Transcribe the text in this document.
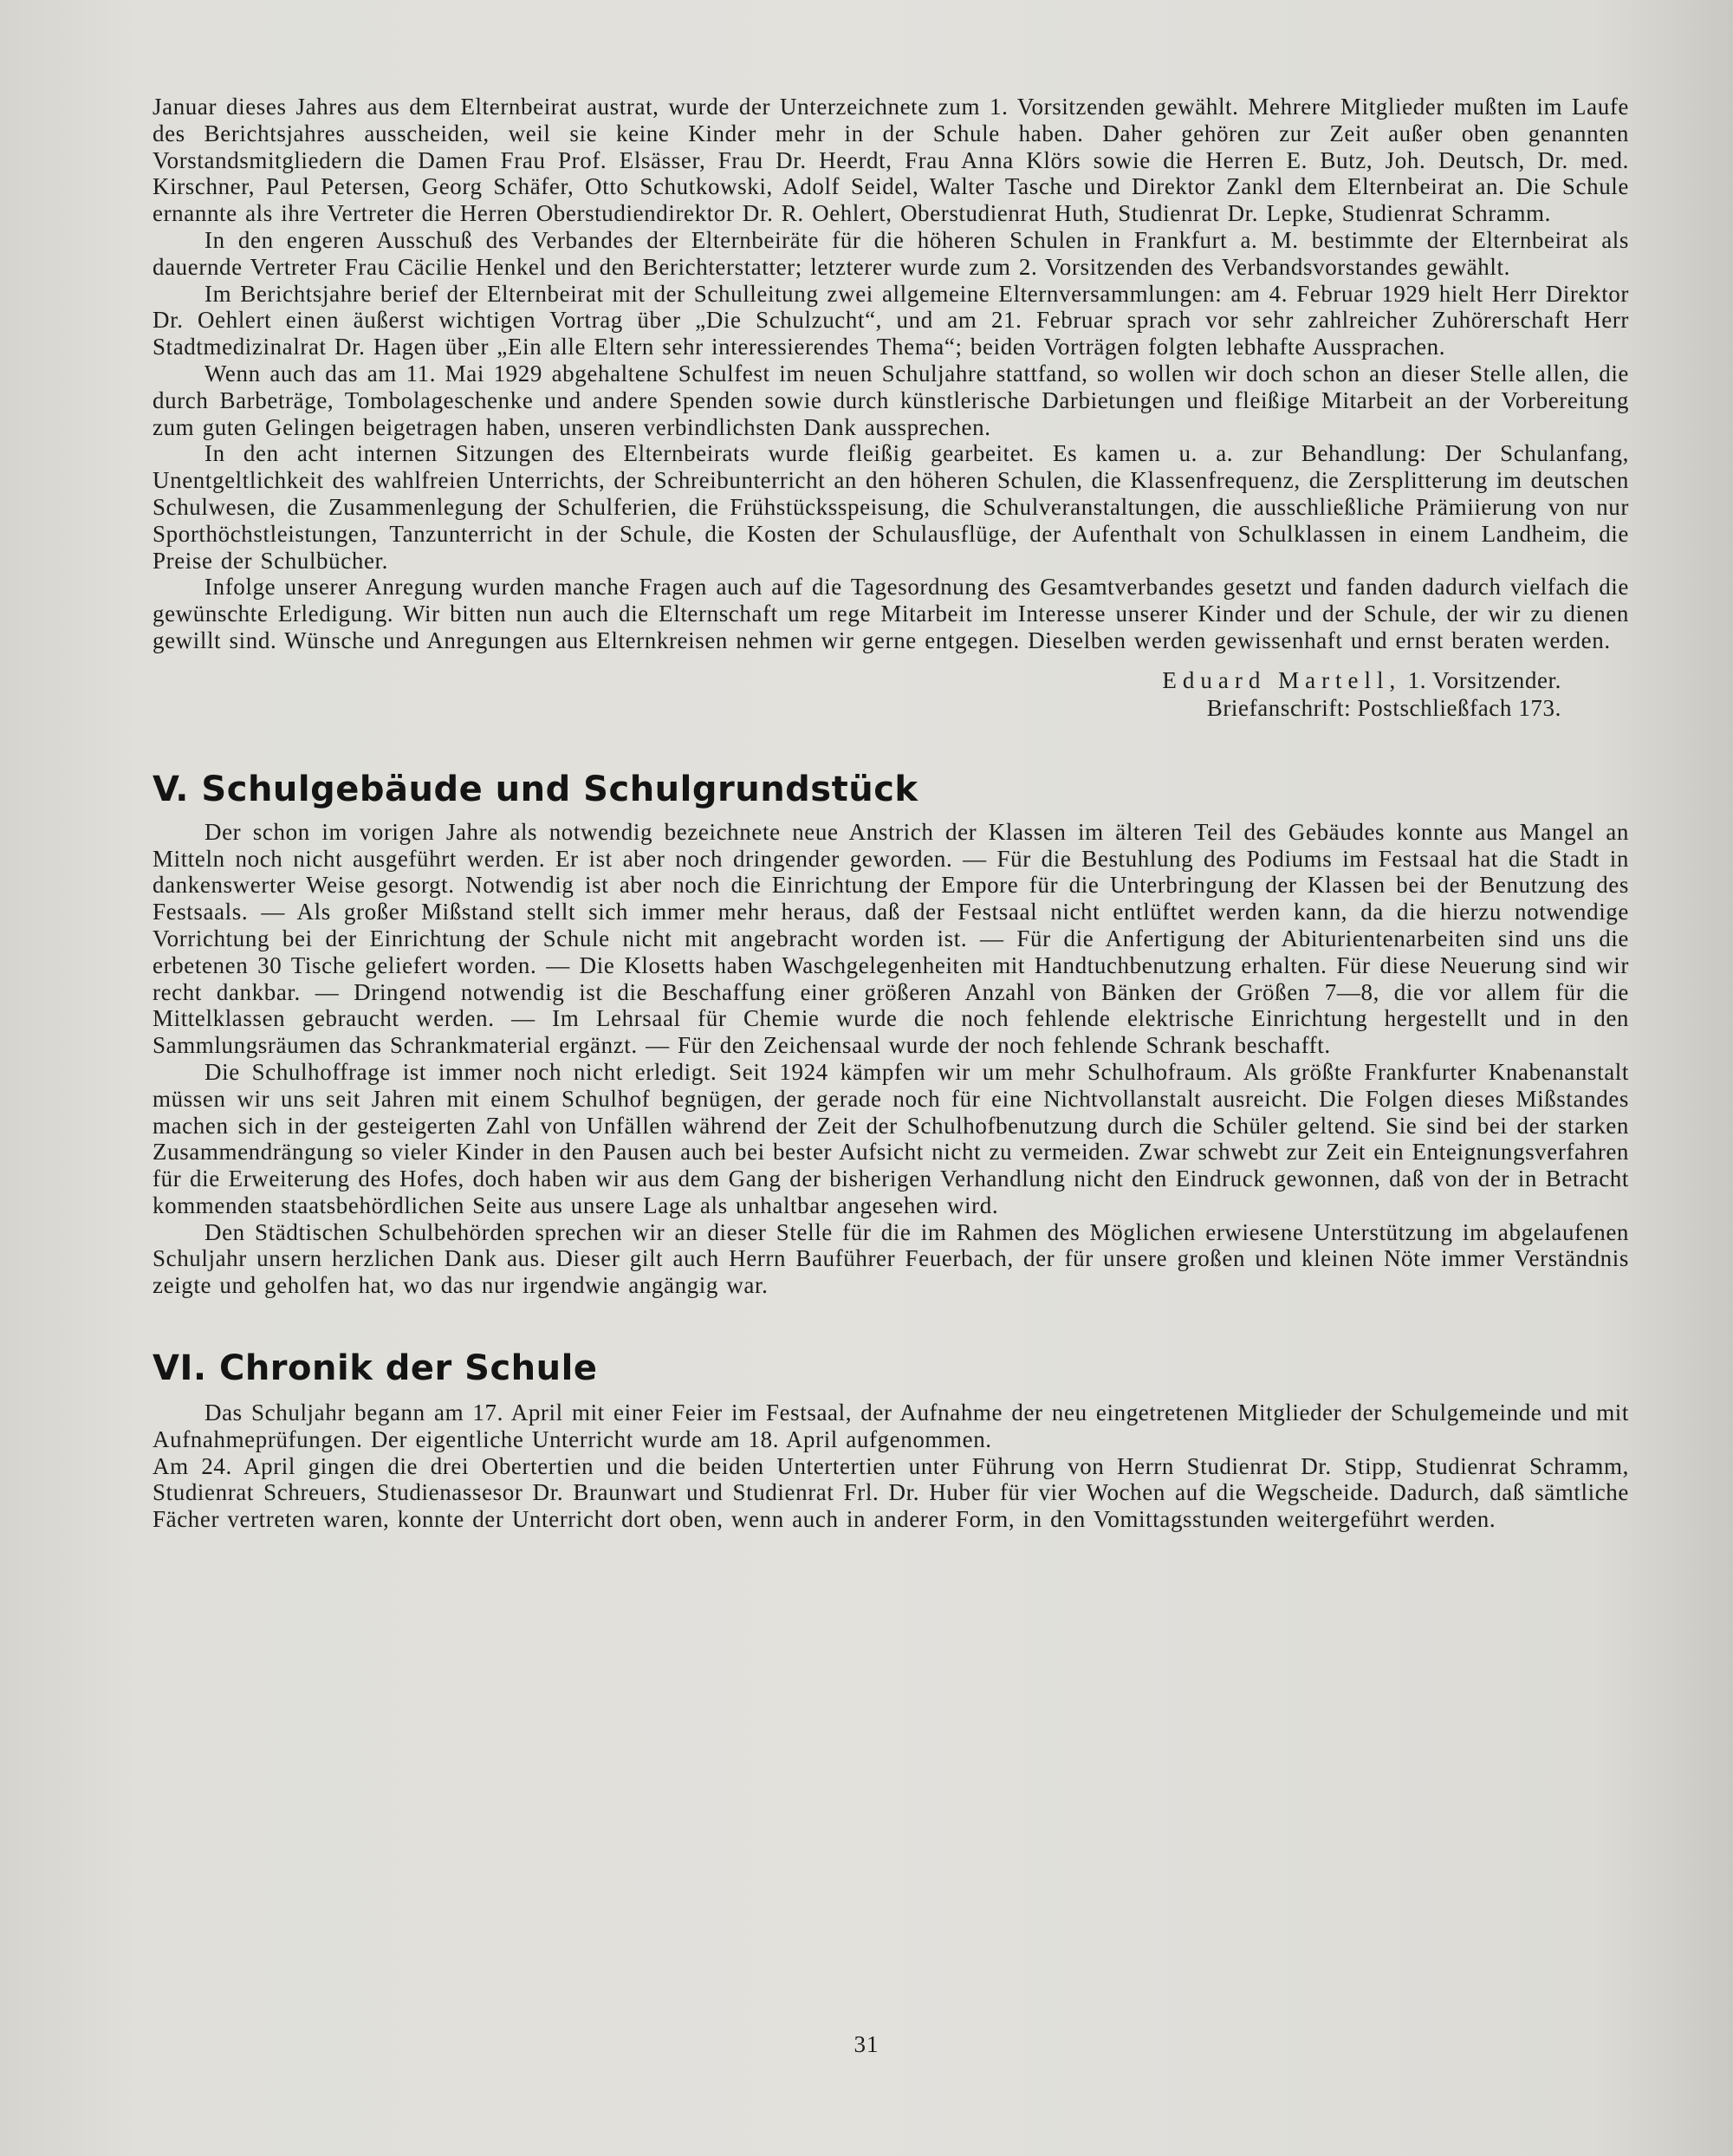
Januar dieses Jahres aus dem Elternbeirat austrat, wurde der Unterzeichnete zum 1. Vorsitzenden gewählt. Mehrere Mitglieder mußten im Laufe des Berichtsjahres ausscheiden, weil sie keine Kinder mehr in der Schule haben. Daher gehören zur Zeit außer oben genannten Vorstandsmitgliedern die Damen Frau Prof. Elsässer, Frau Dr. Heerdt, Frau Anna Klörs sowie die Herren E. Butz, Joh. Deutsch, Dr. med. Kirschner, Paul Petersen, Georg Schäfer, Otto Schutkowski, Adolf Seidel, Walter Tasche und Direktor Zankl dem Elternbeirat an. Die Schule ernannte als ihre Vertreter die Herren Oberstudiendirektor Dr. R. Oehlert, Oberstudienrat Huth, Studienrat Dr. Lepke, Studienrat Schramm.

In den engeren Ausschuß des Verbandes der Elternbeiräte für die höheren Schulen in Frankfurt a. M. bestimmte der Elternbeirat als dauernde Vertreter Frau Cäcilie Henkel und den Berichterstatter; letzterer wurde zum 2. Vorsitzenden des Verbandsvorstandes gewählt.

Im Berichtsjahre berief der Elternbeirat mit der Schulleitung zwei allgemeine Elternversammlungen: am 4. Februar 1929 hielt Herr Direktor Dr. Oehlert einen äußerst wichtigen Vortrag über „Die Schulzucht“, und am 21. Februar sprach vor sehr zahlreicher Zuhörerschaft Herr Stadtmedizinalrat Dr. Hagen über „Ein alle Eltern sehr interessierendes Thema“; beiden Vorträgen folgten lebhafte Aussprachen.

Wenn auch das am 11. Mai 1929 abgehaltene Schulfest im neuen Schuljahre stattfand, so wollen wir doch schon an dieser Stelle allen, die durch Barbeträge, Tombolageschenke und andere Spenden sowie durch künstlerische Darbietungen und fleißige Mitarbeit an der Vorbereitung zum guten Gelingen beigetragen haben, unseren verbindlichsten Dank aussprechen.

In den acht internen Sitzungen des Elternbeirats wurde fleißig gearbeitet. Es kamen u. a. zur Behandlung: Der Schulanfang, Unentgeltlichkeit des wahlfreien Unterrichts, der Schreibunterricht an den höheren Schulen, die Klassenfrequenz, die Zersplitterung im deutschen Schulwesen, die Zusammenlegung der Schulferien, die Frühstücksspeisung, die Schulveranstaltungen, die ausschließliche Prämiierung von nur Sporthöchstleistungen, Tanzunterricht in der Schule, die Kosten der Schulausflüge, der Aufenthalt von Schulklassen in einem Landheim, die Preise der Schulbücher.

Infolge unserer Anregung wurden manche Fragen auch auf die Tagesordnung des Gesamtverbandes gesetzt und fanden dadurch vielfach die gewünschte Erledigung. Wir bitten nun auch die Elternschaft um rege Mitarbeit im Interesse unserer Kinder und der Schule, der wir zu dienen gewillt sind. Wünsche und Anregungen aus Elternkreisen nehmen wir gerne entgegen. Dieselben werden gewissenhaft und ernst beraten werden.

Eduard Martell, 1. Vorsitzender.
Briefanschrift: Postschließfach 173.
V. Schulgebäude und Schulgrundstück

Der schon im vorigen Jahre als notwendig bezeichnete neue Anstrich der Klassen im älteren Teil des Gebäudes konnte aus Mangel an Mitteln noch nicht ausgeführt werden. Er ist aber noch dringender geworden. — Für die Bestuhlung des Podiums im Festsaal hat die Stadt in dankenswerter Weise gesorgt. Notwendig ist aber noch die Einrichtung der Empore für die Unterbringung der Klassen bei der Benutzung des Festsaals. — Als großer Mißstand stellt sich immer mehr heraus, daß der Festsaal nicht entlüftet werden kann, da die hierzu notwendige Vorrichtung bei der Einrichtung der Schule nicht mit angebracht worden ist. — Für die Anfertigung der Abiturientenarbeiten sind uns die erbetenen 30 Tische geliefert worden. — Die Klosetts haben Waschgelegenheiten mit Handtuchbenutzung erhalten. Für diese Neuerung sind wir recht dankbar. — Dringend notwendig ist die Beschaffung einer größeren Anzahl von Bänken der Größen 7—8, die vor allem für die Mittelklassen gebraucht werden. — Im Lehrsaal für Chemie wurde die noch fehlende elektrische Einrichtung hergestellt und in den Sammlungsräumen das Schrankmaterial ergänzt. — Für den Zeichensaal wurde der noch fehlende Schrank beschafft.

Die Schulhoffrage ist immer noch nicht erledigt. Seit 1924 kämpfen wir um mehr Schulhofraum. Als größte Frankfurter Knabenanstalt müssen wir uns seit Jahren mit einem Schulhof begnügen, der gerade noch für eine Nichtvollanstalt ausreicht. Die Folgen dieses Mißstandes machen sich in der gesteigerten Zahl von Unfällen während der Zeit der Schulhofbenutzung durch die Schüler geltend. Sie sind bei der starken Zusammendrängung so vieler Kinder in den Pausen auch bei bester Aufsicht nicht zu vermeiden. Zwar schwebt zur Zeit ein Enteignungsverfahren für die Erweiterung des Hofes, doch haben wir aus dem Gang der bisherigen Verhandlung nicht den Eindruck gewonnen, daß von der in Betracht kommenden staatsbehördlichen Seite aus unsere Lage als unhaltbar angesehen wird.

Den Städtischen Schulbehörden sprechen wir an dieser Stelle für die im Rahmen des Möglichen erwiesene Unterstützung im abgelaufenen Schuljahr unsern herzlichen Dank aus. Dieser gilt auch Herrn Bauführer Feuerbach, der für unsere großen und kleinen Nöte immer Verständnis zeigte und geholfen hat, wo das nur irgendwie angängig war.

VI. Chronik der Schule

Das Schuljahr begann am 17. April mit einer Feier im Festsaal, der Aufnahme der neu eingetretenen Mitglieder der Schulgemeinde und mit Aufnahmeprüfungen. Der eigentliche Unterricht wurde am 18. April aufgenommen.

Am 24. April gingen die drei Obertertien und die beiden Untertertien unter Führung von Herrn Studienrat Dr. Stipp, Studienrat Schramm, Studienrat Schreuers, Studienassesor Dr. Braunwart und Studienrat Frl. Dr. Huber für vier Wochen auf die Wegscheide. Dadurch, daß sämtliche Fächer vertreten waren, konnte der Unterricht dort oben, wenn auch in anderer Form, in den Vomittagsstunden weitergeführt werden.

31
